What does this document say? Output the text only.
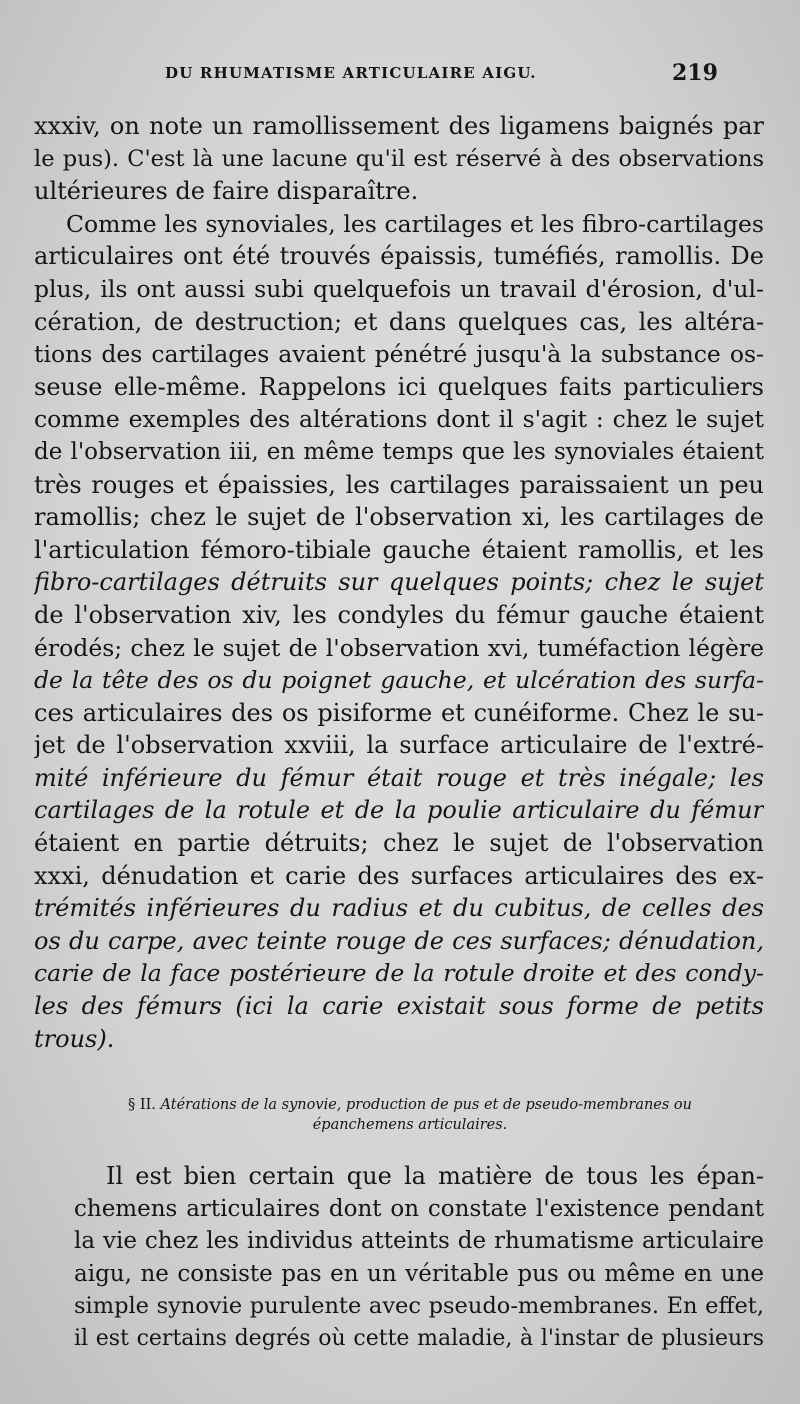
DU RHUMATISME ARTICULAIRE AIGU.	219
xxxiv, on note un ramollissement des ligamens baignés par
le pus). C'est là une lacune qu'il est réservé à des observations
ultérieures de faire disparaître.
Comme les synoviales, les cartilages et les fibro-cartilages
articulaires ont été trouvés épaissis, tuméfiés, ramollis. De
plus, ils ont aussi subi quelquefois un travail d'érosion, d'ul-
cération, de destruction; et dans quelques cas, les altéra-
tions des cartilages avaient pénétré jusqu'à la substance os-
seuse elle-même. Rappelons ici quelques faits particuliers
comme exemples des altérations dont il s'agit : chez le sujet
de l'observation iii, en même temps que les synoviales étaient
très rouges et épaissies, les cartilages paraissaient un peu
ramollis; chez le sujet de l'observation xi, les cartilages de
l'articulation fémoro-tibiale gauche étaient ramollis, et les
fibro-cartilages détruits sur quelques points; chez le sujet
de l'observation xiv, les condyles du fémur gauche étaient
érodés; chez le sujet de l'observation xvi, tuméfaction légère
de la tête des os du poignet gauche, et ulcération des surfa-
ces articulaires des os pisiforme et cunéiforme. Chez le su-
jet de l'observation xxviii, la surface articulaire de l'extré-
mité inférieure du fémur était rouge et très inégale; les
cartilages de la rotule et de la poulie articulaire du fémur
étaient en partie détruits; chez le sujet de l'observation
xxxi, dénudation et carie des surfaces articulaires des ex-
trémités inférieures du radius et du cubitus, de celles des
os du carpe, avec teinte rouge de ces surfaces; dénudation,
carie de la face postérieure de la rotule droite et des condy-
les des fémurs (ici la carie existait sous forme de petits
trous).
§ II. Atérations de la synovie, production de pus et de pseudo-membranes ou
épanchemens articulaires.
Il est bien certain que la matière de tous les épan-
chemens articulaires dont on constate l'existence pendant
la vie chez les individus atteints de rhumatisme articulaire
aigu, ne consiste pas en un véritable pus ou même en une
simple synovie purulente avec pseudo-membranes. En effet,
il est certains degrés où cette maladie, à l'instar de plusieurs
